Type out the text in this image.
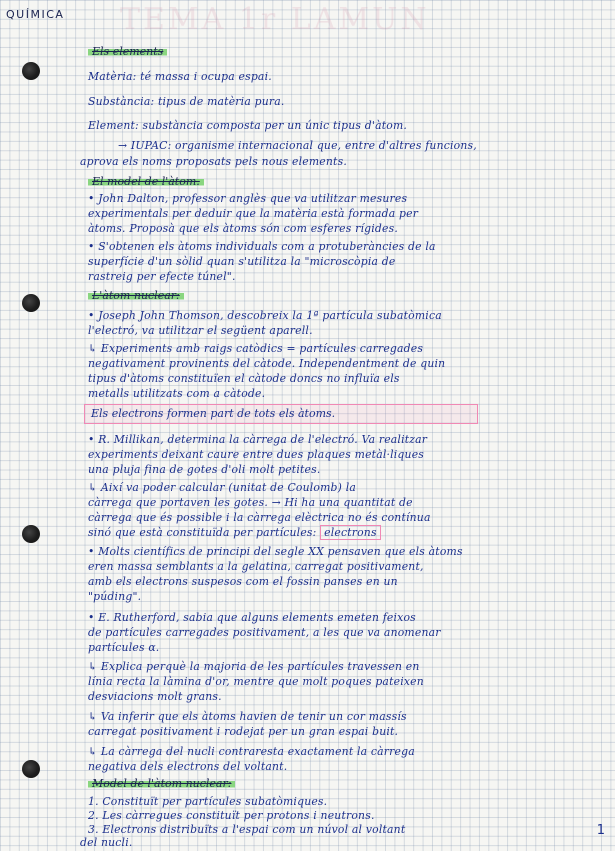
QUÍMICA TEMA 1r LAMUN
Els elements
Matèria: té massa i ocupa espai.
Substància: tipus de matèria pura.
Element: substància composta per un únic tipus d'àtom.
→ IUPAC: organisme internacional que, entre d'altres funcions,
aprova els noms proposats pels nous elements.
El model de l'àtom.
• John Dalton, professor anglès que va utilitzar mesures
experimentals per deduir que la matèria està formada per
àtoms. Proposà que els àtoms són com esferes rígides.
• S'obtenen els àtoms individuals com a protuberàncies de la
superfície d'un sòlid quan s'utilitza la "microscòpia de
rastreig per efecte túnel".
L'àtom nuclear:
• Joseph John Thomson, descobreix la 1ª partícula subatòmica
l'electró, va utilitzar el següent aparell.
↳ Experiments amb raigs catòdics = partícules carregades
negativament provinents del càtode. Independentment de quin
tipus d'àtoms constituïen el càtode doncs no influïa els
metalls utilitzats com a càtode.
Els electrons formen part de tots els àtoms.
• R. Millikan, determina la càrrega de l'electró. Va realitzar
experiments deixant caure entre dues plaques metàl·liques
una pluja fina de gotes d'oli molt petites.
↳ Així va poder calcular (unitat de Coulomb) la
càrrega que portaven les gotes. → Hi ha una quantitat de
càrrega que és possible i la càrrega elèctrica no és contínua
sinó que està constituïda per partícules: electrons
• Molts científics de principi del segle XX pensaven que els àtoms
eren massa semblants a la gelatina, carregat positivament,
amb els electrons suspesos com el fossin panses en un
"púding".
• E. Rutherford, sabia que alguns elements emeten feixos
de partícules carregades positivament, a les que va anomenar
partícules α.
↳ Explica perquè la majoria de les partícules travessen en
línia recta la làmina d'or, mentre que molt poques pateixen
desviacions molt grans.
↳ Va inferir que els àtoms havien de tenir un cor massís
carregat positivament i rodejat per un gran espai buit.
↳ La càrrega del nucli contraresta exactament la càrrega
negativa dels electrons del voltant.
Model de l'àtom nuclear:
1. Constituït per partícules subatòmiques.
2. Les càrregues constituït per protons i neutrons.
3. Electrons distribuïts a l'espai com un núvol al voltant
del nucli.
1
